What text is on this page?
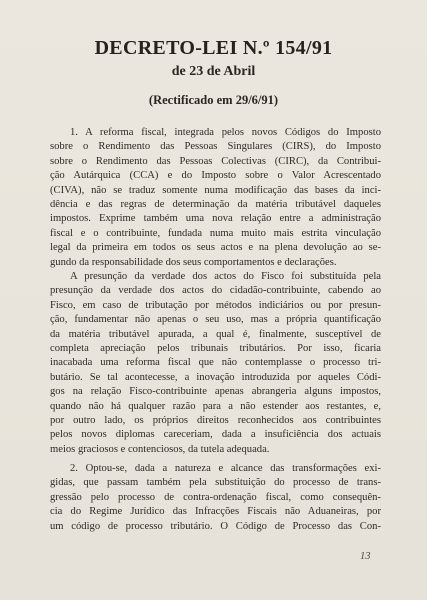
DECRETO-LEI N.º 154/91
de 23 de Abril
(Rectificado em 29/6/91)
1. A reforma fiscal, integrada pelos novos Códigos do Imposto
sobre o Rendimento das Pessoas Singulares (CIRS), do Imposto
sobre o Rendimento das Pessoas Colectivas (CIRC), da Contribui-
ção Autárquica (CCA) e do Imposto sobre o Valor Acrescentado
(CIVA), não se traduz somente numa modificação das bases da inci-
dência e das regras de determinação da matéria tributável daqueles
impostos. Exprime também uma nova relação entre a administração
fiscal e o contribuinte, fundada numa muito mais estrita vinculação
legal da primeira em todos os seus actos e na plena devolução ao se-
gundo da responsabilidade dos seus comportamentos e declarações.
A presunção da verdade dos actos do Fisco foi substituída pela
presunção da verdade dos actos do cidadão-contribuinte, cabendo ao
Fisco, em caso de tributação por métodos indiciários ou por presun-
ção, fundamentar não apenas o seu uso, mas a própria quantificação
da matéria tributável apurada, a qual é, finalmente, susceptível de
completa apreciação pelos tribunais tributários. Por isso, ficaria
inacabada uma reforma fiscal que não contemplasse o processo tri-
butário. Se tal acontecesse, a inovação introduzida por aqueles Códi-
gos na relação Fisco-contribuinte apenas abrangeria alguns impostos,
quando não há qualquer razão para a não estender aos restantes, e,
por outro lado, os próprios direitos reconhecidos aos contribuintes
pelos novos diplomas careceriam, dada a insuficiência dos actuais
meios graciosos e contenciosos, da tutela adequada.
2. Optou-se, dada a natureza e alcance das transformações exi-
gidas, que passam também pela substituição do processo de trans-
gressão pelo processo de contra-ordenação fiscal, como consequên-
cia do Regime Jurídico das Infracções Fiscais não Aduaneiras, por
um código de processo tributário. O Código de Processo das Con-
13
